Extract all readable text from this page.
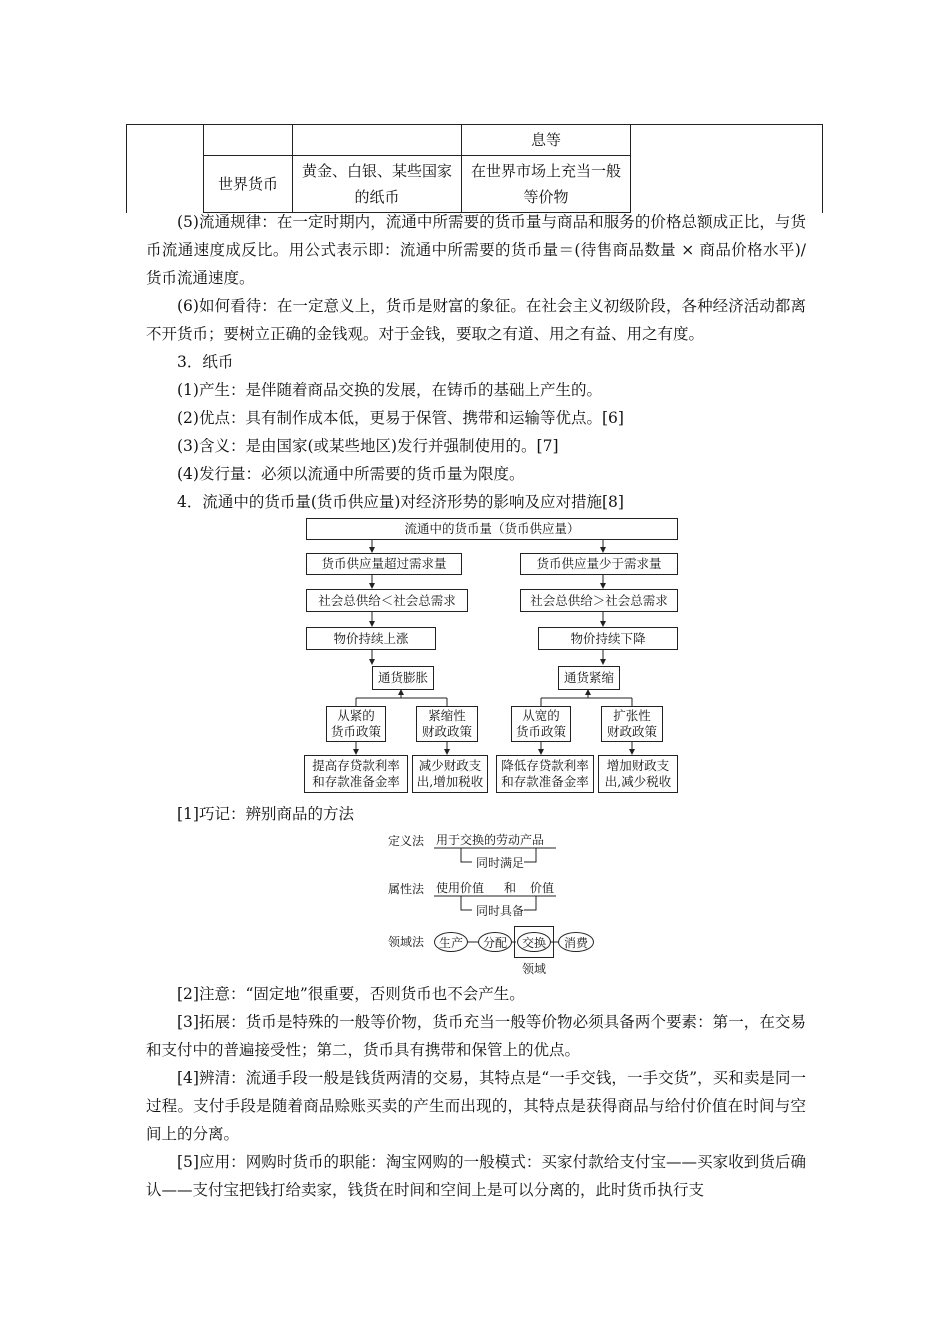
			息等	
	世界货币	黄金、白银、某些国家的纸币	在世界市场上充当一般等价物	

(5)流通规律：在一定时期内，流通中所需要的货币量与商品和服务的价格总额成正比，与货币流通速度成反比。用公式表示即：流通中所需要的货币量＝(待售商品数量 × 商品价格水平)/货币流通速度。

(6)如何看待：在一定意义上，货币是财富的象征。在社会主义初级阶段，各种经济活动都离不开货币；要树立正确的金钱观。对于金钱，要取之有道、用之有益、用之有度。

3．纸币
(1)产生：是伴随着商品交换的发展，在铸币的基础上产生的。
(2)优点：具有制作成本低，更易于保管、携带和运输等优点。[6]
(3)含义：是由国家(或某些地区)发行并强制使用的。[7]
(4)发行量：必须以流通中所需要的货币量为限度。
4．流通中的货币量(货币供应量)对经济形势的影响及应对措施[8]
流通中的货币量（货币供应量）
货币供应量超过需求量
社会总供给＜社会总需求
物价持续上涨
通货膨胀
从紧的
货币政策
紧缩性
财政政策
提高存贷款利率
和存款准备金率
减少财政支
出,增加税收
货币供应量少于需求量
社会总供给＞社会总需求
物价持续下降
通货紧缩
从宽的
货币政策
扩张性
财政政策
降低存贷款利率
和存款准备金率
增加财政支
出,减少税收
[1]巧记：辨别商品的方法
定义法 用于交换的劳动产品
同时满足
属性法 使用价值 和 价值
同时具备
领域法	生产	分配	交换	消费
领域
[2]注意：“固定地”很重要，否则货币也不会产生。

[3]拓展：货币是特殊的一般等价物，货币充当一般等价物必须具备两个要素：第一，在交易和支付中的普遍接受性；第二，货币具有携带和保管上的优点。

[4]辨清：流通手段一般是钱货两清的交易，其特点是“一手交钱，一手交货”，买和卖是同一过程。支付手段是随着商品赊账买卖的产生而出现的，其特点是获得商品与给付价值在时间与空间上的分离。

[5]应用：网购时货币的职能：淘宝网购的一般模式：买家付款给支付宝——买家收到货后确认——支付宝把钱打给卖家，钱货在时间和空间上是可以分离的，此时货币执行支
